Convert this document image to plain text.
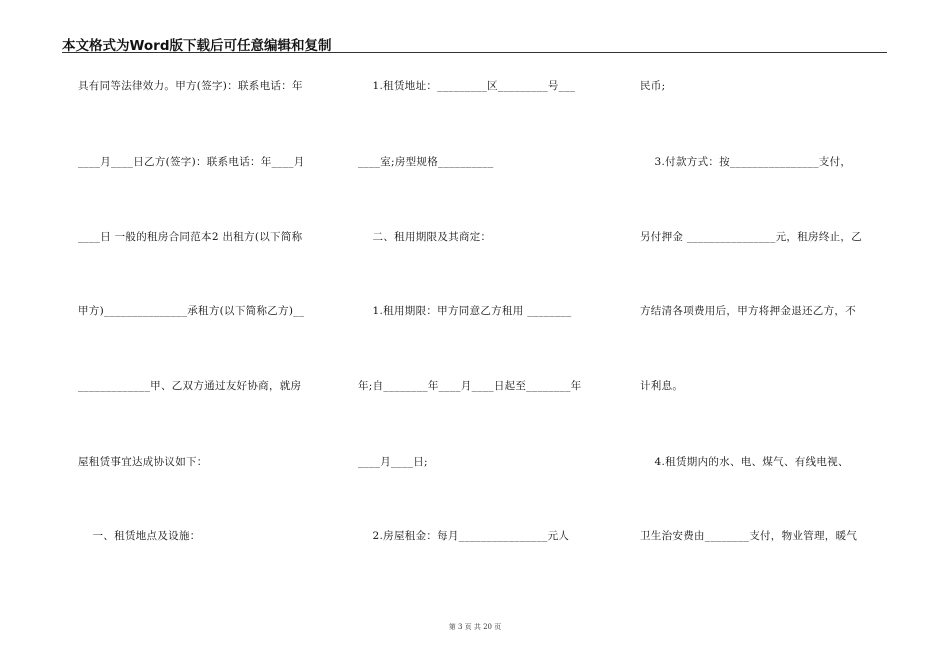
本文格式为Word版下载后可任意编辑和复制
具有同等法律效力。甲方(签字)：联系电话：年
____月____日乙方(签字)：联系电话：年____月
____日 一般的租房合同范本2 出租方(以下简称
甲方)_______________承租方(以下简称乙方)__
_____________甲、乙双方通过友好协商，就房
屋租赁事宜达成协议如下：
一、租赁地点及设施：
1.租赁地址：_________区_________号___
____室;房型规格__________
二、租用期限及其商定：
1.租用期限：甲方同意乙方租用 ________
年;自________年____月____日起至________年
____月____日;
2.房屋租金：每月________________元人
民币;
3.付款方式：按________________支付，
另付押金 ________________元，租房终止，乙
方结清各项费用后，甲方将押金退还乙方，不
计利息。
4.租赁期内的水、电、煤气、有线电视、
卫生治安费由________支付，物业管理，暖气
第 3 页 共 20 页
